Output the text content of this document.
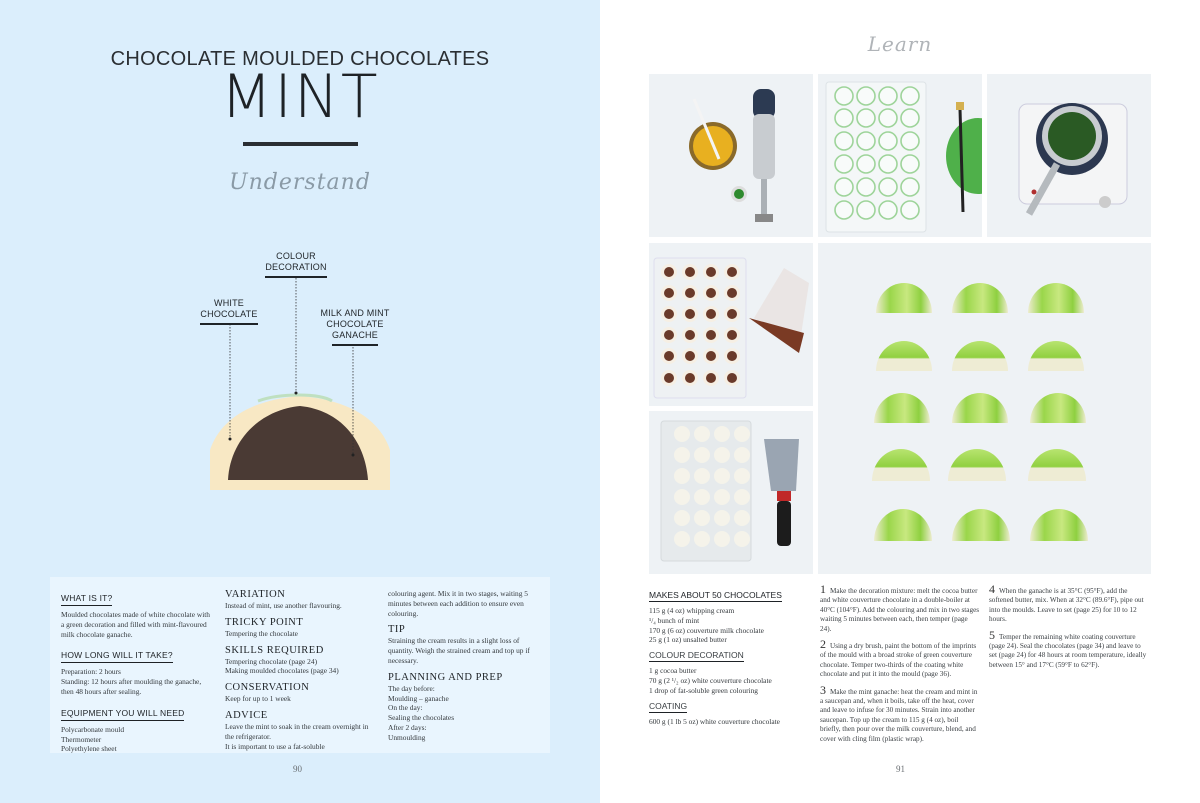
CHOCOLATE MOULDED CHOCOLATES
MINT
Understand
COLOUR
DECORATION
WHITE
CHOCOLATE	MILK AND MINT
CHOCOLATE
GANACHE
WHAT IS IT?
Moulded chocolates made of white chocolate with a green decoration and filled with mint-flavoured milk chocolate ganache.
HOW LONG WILL IT TAKE?
Preparation: 2 hours
Standing: 12 hours after moulding the ganache, then 48 hours after sealing.
EQUIPMENT YOU WILL NEED
Polycarbonate mould
Thermometer
Polyethylene sheet
VARIATION
Instead of mint, use another flavouring.
TRICKY POINT
Tempering the chocolate
SKILLS REQUIRED
Tempering chocolate (page 24)
Making moulded chocolates (page 34)
CONSERVATION
Keep for up to 1 week
ADVICE
Leave the mint to soak in the cream overnight in the refrigerator.
It is important to use a fat-soluble
colouring agent. Mix it in two stages, waiting 5 minutes between each addition to ensure even colouring.
TIP
Straining the cream results in a slight loss of quantity. Weigh the strained cream and top up if necessary.
PLANNING AND PREP
The day before:
Moulding – ganache
On the day:
Sealing the chocolates
After 2 days:
Unmoulding
90
Learn
MAKES ABOUT 50 CHOCOLATES
115 g (4 oz) whipping cream
¹/₄ bunch of mint
170 g (6 oz) couverture milk chocolate
25 g (1 oz) unsalted butter
COLOUR DECORATION
1 g cocoa butter
70 g (2 ¹/₂ oz) white couverture chocolate
1 drop of fat-soluble green colouring
COATING
600 g (1 lb 5 oz) white couverture chocolate
1 Make the decoration mixture: melt the cocoa butter and white couverture chocolate in a double-boiler at 40°C (104°F). Add the colouring and mix in two stages waiting 5 minutes between each, then temper (page 24).
2 Using a dry brush, paint the bottom of the imprints of the mould with a broad stroke of green couverture chocolate. Temper two-thirds of the coating white chocolate and put it into the mould (page 36).
3 Make the mint ganache: heat the cream and mint in a saucepan and, when it boils, take off the heat, cover and leave to infuse for 30 minutes. Strain into another saucepan. Top up the cream to 115 g (4 oz), boil briefly, then pour over the milk couverture, blend, and cover with cling film (plastic wrap).
4 When the ganache is at 35°C (95°F), add the softened butter, mix. When at 32°C (89.6°F), pipe out into the moulds. Leave to set (page 25) for 10 to 12 hours.
5 Temper the remaining white coating couverture (page 24). Seal the chocolates (page 34) and leave to set (page 24) for 48 hours at room temperature, ideally between 15° and 17°C (59°F to 62°F).
91
